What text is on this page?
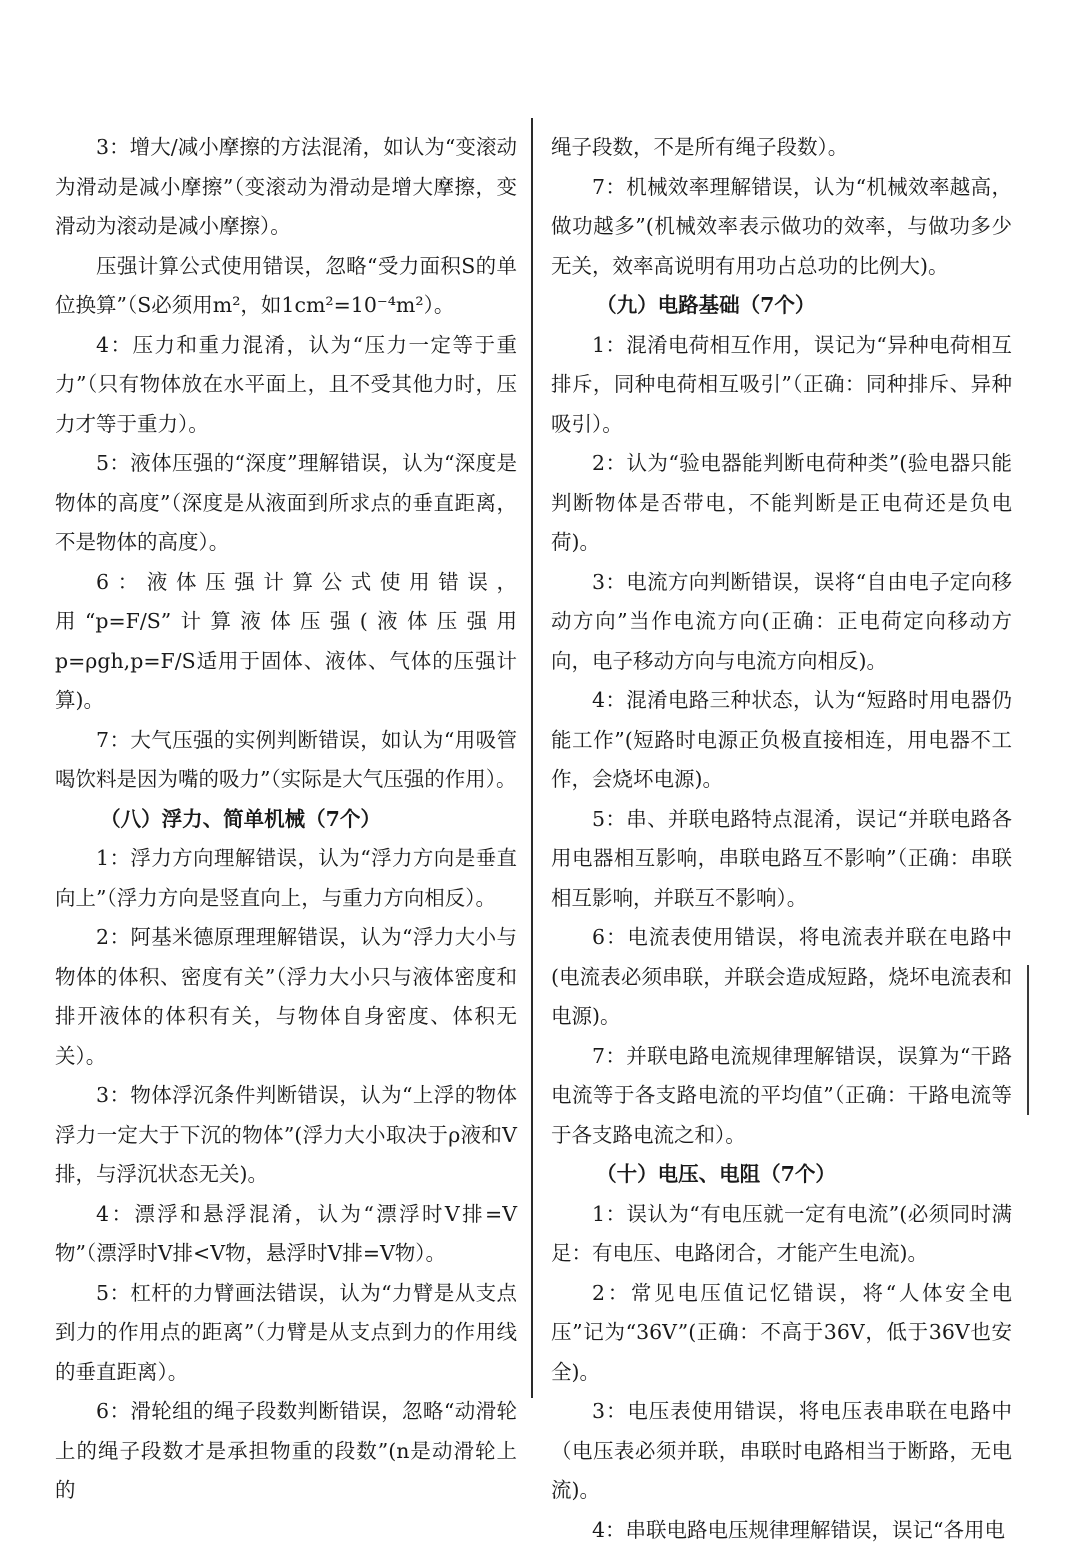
3：增大/减小摩擦的方法混淆，如认为“变滚动为滑动是减小摩擦”（变滚动为滑动是增大摩擦，变滑动为滚动是减小摩擦）。

压强计算公式使用错误，忽略“受力面积S的单位换算”（S必须用m²，如1cm²=10⁻⁴m²）。

4：压力和重力混淆，认为“压力一定等于重力”（只有物体放在水平面上，且不受其他力时，压力才等于重力）。

5：液体压强的“深度”理解错误，认为“深度是物体的高度”（深度是从液面到所求点的垂直距离，不是物体的高度）。

6：液体压强计算公式使用错误，用“p=F/S”计算液体压强(液体压强用p=ρgh,p=F/S适用于固体、液体、气体的压强计算)。

7：大气压强的实例判断错误，如认为“用吸管喝饮料是因为嘴的吸力”（实际是大气压强的作用）。

（八）浮力、简单机械（7个）

1：浮力方向理解错误，认为“浮力方向是垂直向上”（浮力方向是竖直向上，与重力方向相反）。

2：阿基米德原理理解错误，认为“浮力大小与物体的体积、密度有关”（浮力大小只与液体密度和排开液体的体积有关，与物体自身密度、体积无关）。

3：物体浮沉条件判断错误，认为“上浮的物体浮力一定大于下沉的物体”(浮力大小取决于ρ液和V排，与浮沉状态无关)。

4：漂浮和悬浮混淆，认为“漂浮时V排=V物”（漂浮时V排<V物，悬浮时V排=V物）。

5：杠杆的力臂画法错误，认为“力臂是从支点到力的作用点的距离”（力臂是从支点到力的作用线的垂直距离）。

6：滑轮组的绳子段数判断错误，忽略“动滑轮上的绳子段数才是承担物重的段数”(n是动滑轮上的

绳子段数，不是所有绳子段数）。

7：机械效率理解错误，认为“机械效率越高，做功越多”(机械效率表示做功的效率，与做功多少无关，效率高说明有用功占总功的比例大)。

（九）电路基础（7个）

1：混淆电荷相互作用，误记为“异种电荷相互排斥，同种电荷相互吸引”（正确：同种排斥、异种吸引）。

2：认为“验电器能判断电荷种类”(验电器只能判断物体是否带电，不能判断是正电荷还是负电荷)。

3：电流方向判断错误，误将“自由电子定向移动方向”当作电流方向(正确：正电荷定向移动方向，电子移动方向与电流方向相反)。

4：混淆电路三种状态，认为“短路时用电器仍能工作”(短路时电源正负极直接相连，用电器不工作，会烧坏电源)。

5：串、并联电路特点混淆，误记“并联电路各用电器相互影响，串联电路互不影响”（正确：串联相互影响，并联互不影响）。

6：电流表使用错误，将电流表并联在电路中(电流表必须串联，并联会造成短路，烧坏电流表和电源)。

7：并联电路电流规律理解错误，误算为“干路电流等于各支路电流的平均值”（正确：干路电流等于各支路电流之和）。

（十）电压、电阻（7个）

1：误认为“有电压就一定有电流”(必须同时满足：有电压、电路闭合，才能产生电流)。

2：常见电压值记忆错误，将“人体安全电压”记为“36V”(正确：不高于36V，低于36V也安全)。

3：电压表使用错误，将电压表串联在电路中（电压表必须并联，串联时电路相当于断路，无电流)。

4：串联电路电压规律理解错误，误记“各用电
